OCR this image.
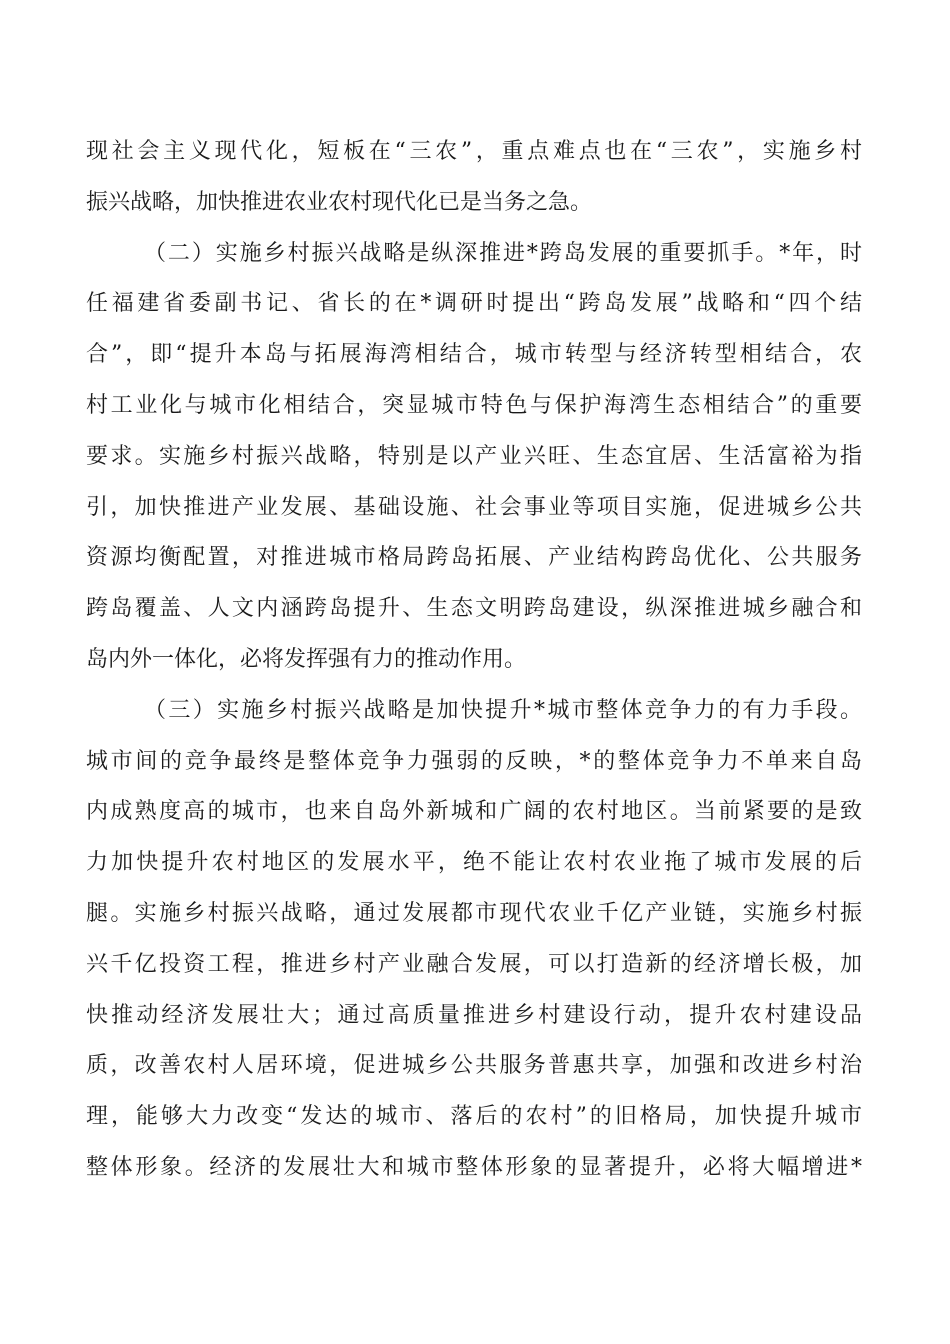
现社会主义现代化，短板在“三农”，重点难点也在“三农”，实施乡村
振兴战略，加快推进农业农村现代化已是当务之急。
（二）实施乡村振兴战略是纵深推进*跨岛发展的重要抓手。*年，时
任福建省委副书记、省长的在*调研时提出“跨岛发展”战略和“四个结
合”，即“提升本岛与拓展海湾相结合，城市转型与经济转型相结合，农
村工业化与城市化相结合，突显城市特色与保护海湾生态相结合”的重要
要求。实施乡村振兴战略，特别是以产业兴旺、生态宜居、生活富裕为指
引，加快推进产业发展、基础设施、社会事业等项目实施，促进城乡公共
资源均衡配置，对推进城市格局跨岛拓展、产业结构跨岛优化、公共服务
跨岛覆盖、人文内涵跨岛提升、生态文明跨岛建设，纵深推进城乡融合和
岛内外一体化，必将发挥强有力的推动作用。
（三）实施乡村振兴战略是加快提升*城市整体竞争力的有力手段。
城市间的竞争最终是整体竞争力强弱的反映，*的整体竞争力不单来自岛
内成熟度高的城市，也来自岛外新城和广阔的农村地区。当前紧要的是致
力加快提升农村地区的发展水平，绝不能让农村农业拖了城市发展的后
腿。实施乡村振兴战略，通过发展都市现代农业千亿产业链，实施乡村振
兴千亿投资工程，推进乡村产业融合发展，可以打造新的经济增长极，加
快推动经济发展壮大；通过高质量推进乡村建设行动，提升农村建设品
质，改善农村人居环境，促进城乡公共服务普惠共享，加强和改进乡村治
理，能够大力改变“发达的城市、落后的农村”的旧格局，加快提升城市
整体形象。经济的发展壮大和城市整体形象的显著提升，必将大幅增进*
